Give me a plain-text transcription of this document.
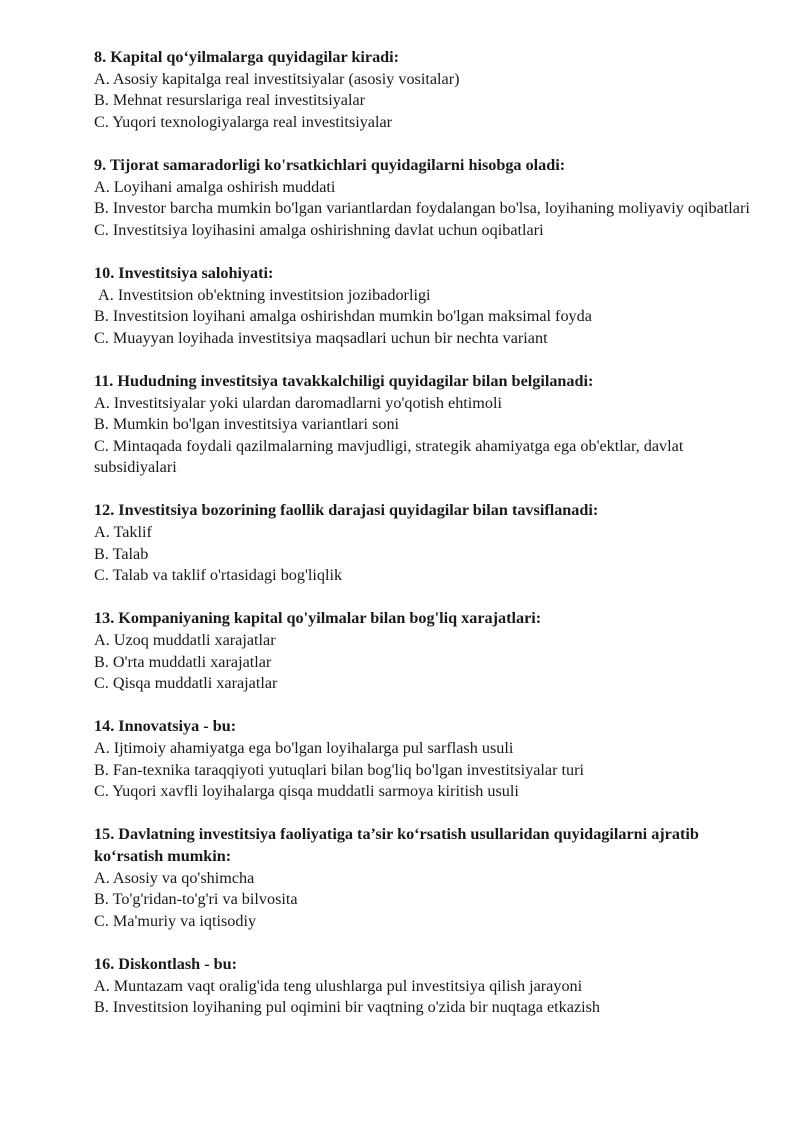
8. Kapital qo‘yilmalarga quyidagilar kiradi:
A. Asosiy kapitalga real investitsiyalar (asosiy vositalar)
B. Mehnat resurslariga real investitsiyalar
C. Yuqori texnologiyalarga real investitsiyalar
9. Tijorat samaradorligi ko'rsatkichlari quyidagilarni hisobga oladi:
A. Loyihani amalga oshirish muddati
B. Investor barcha mumkin bo'lgan variantlardan foydalangan bo'lsa, loyihaning moliyaviy oqibatlari
C. Investitsiya loyihasini amalga oshirishning davlat uchun oqibatlari
10. Investitsiya salohiyati:
A. Investitsion ob'ektning investitsion jozibadorligi
B. Investitsion loyihani amalga oshirishdan mumkin bo'lgan maksimal foyda
C. Muayyan loyihada investitsiya maqsadlari uchun bir nechta variant
11. Hududning investitsiya tavakkalchiligi quyidagilar bilan belgilanadi:
A. Investitsiyalar yoki ulardan daromadlarni yo'qotish ehtimoli
B. Mumkin bo'lgan investitsiya variantlari soni
C. Mintaqada foydali qazilmalarning mavjudligi, strategik ahamiyatga ega ob'ektlar, davlat subsidiyalari
12. Investitsiya bozorining faollik darajasi quyidagilar bilan tavsiflanadi:
A. Taklif
B. Talab
C. Talab va taklif o'rtasidagi bog'liqlik
13. Kompaniyaning kapital qo'yilmalar bilan bog'liq xarajatlari:
A. Uzoq muddatli xarajatlar
B. O'rta muddatli xarajatlar
C. Qisqa muddatli xarajatlar
14. Innovatsiya - bu:
A. Ijtimoiy ahamiyatga ega bo'lgan loyihalarga pul sarflash usuli
B. Fan-texnika taraqqiyoti yutuqlari bilan bog'liq bo'lgan investitsiyalar turi
C. Yuqori xavfli loyihalarga qisqa muddatli sarmoya kiritish usuli
15. Davlatning investitsiya faoliyatiga ta’sir ko‘rsatish usullaridan quyidagilarni ajratib ko‘rsatish mumkin:
A. Asosiy va qo'shimcha
B. To'g'ridan-to'g'ri va bilvosita
C. Ma'muriy va iqtisodiy
16. Diskontlash - bu:
A. Muntazam vaqt oralig'ida teng ulushlarga pul investitsiya qilish jarayoni
B. Investitsion loyihaning pul oqimini bir vaqtning o'zida bir nuqtaga etkazish
